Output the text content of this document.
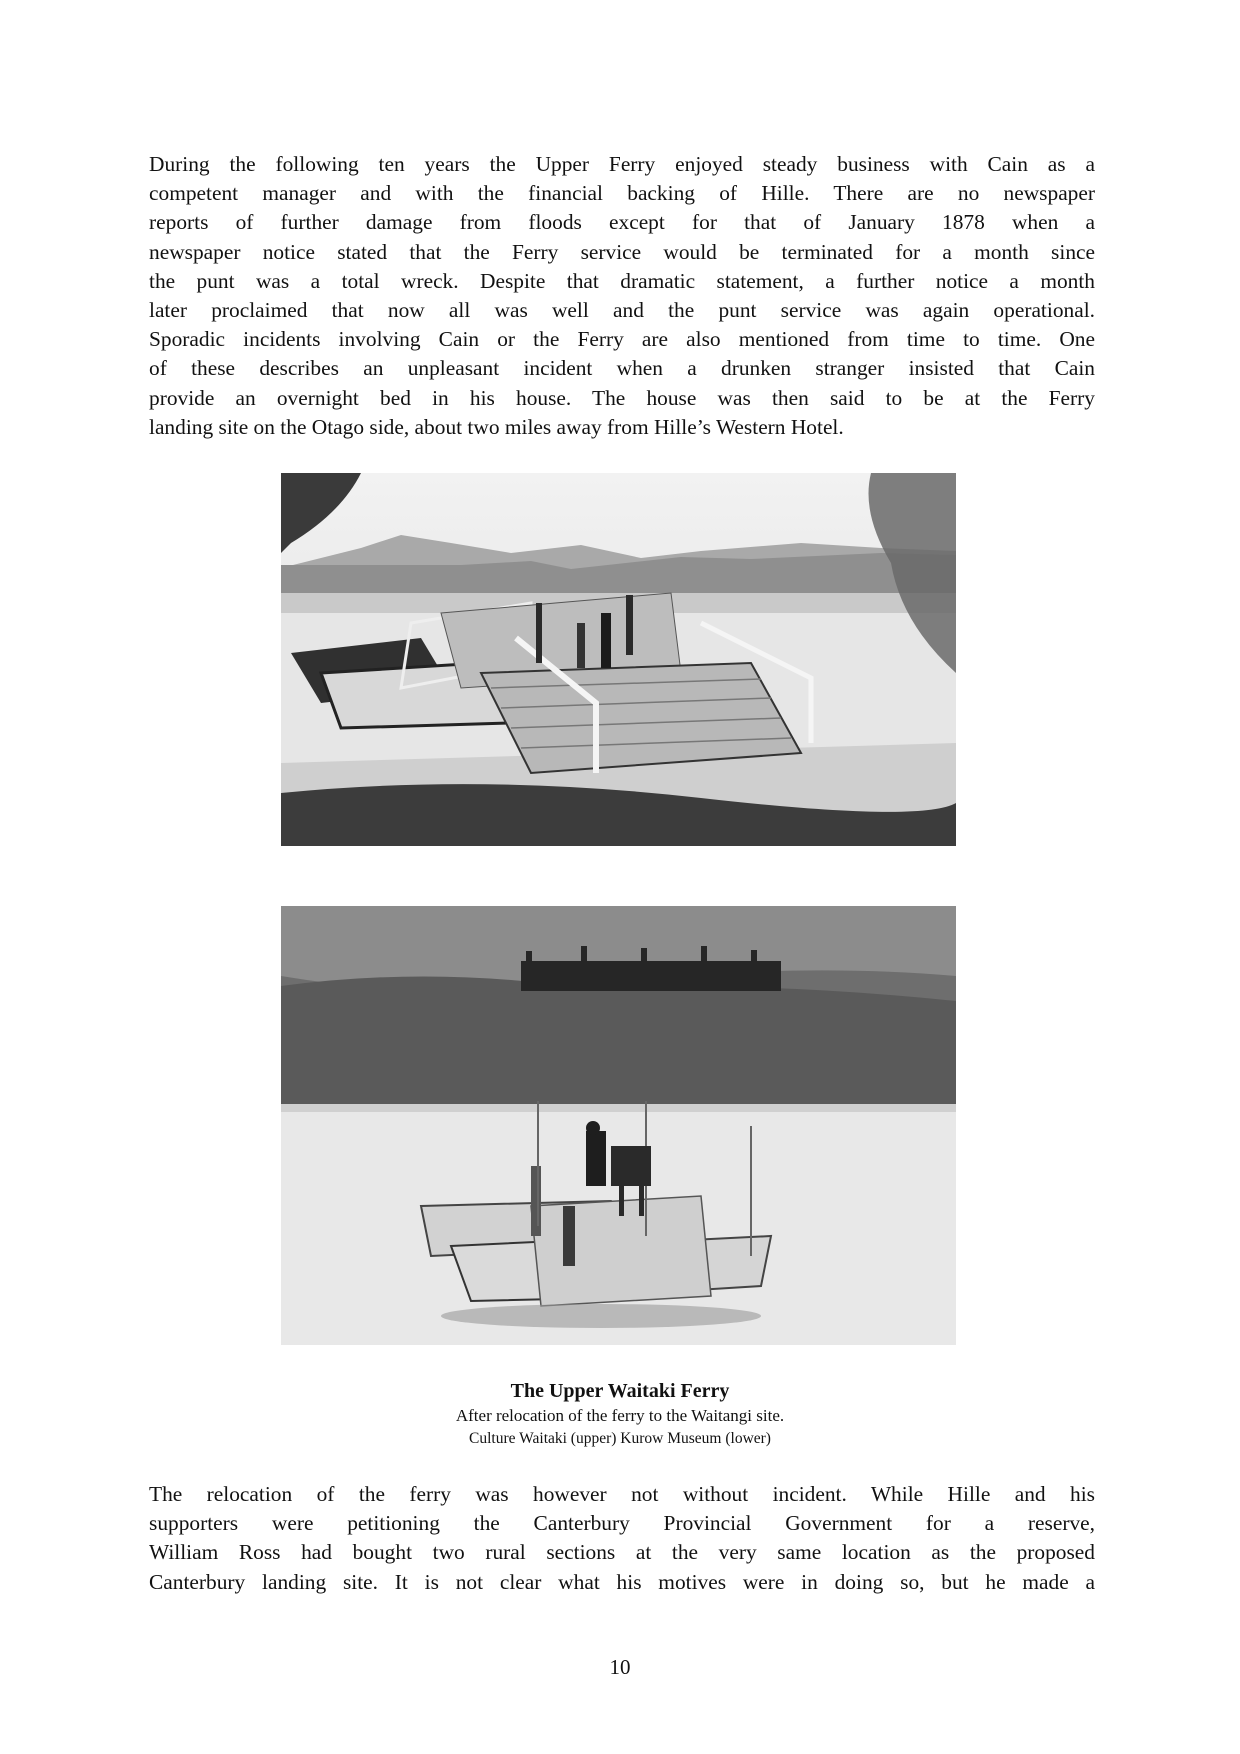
During the following ten years the Upper Ferry enjoyed steady business with Cain as a
competent manager and with the financial backing of Hille. There are no newspaper
reports of further damage from floods except for that of January 1878 when a
newspaper notice stated that the Ferry service would be terminated for a month since
the punt was a total wreck. Despite that dramatic statement, a further notice a month
later proclaimed that now all was well and the punt service was again operational.
Sporadic incidents involving Cain or the Ferry are also mentioned from time to time. One
of these describes an unpleasant incident when a drunken stranger insisted that Cain
provide an overnight bed in his house. The house was then said to be at the Ferry
landing site on the Otago side, about two miles away from Hille’s Western Hotel.
The Upper Waitaki Ferry
After relocation of the ferry to the Waitangi site.
Culture Waitaki (upper) Kurow Museum (lower)
The relocation of the ferry was however not without incident. While Hille and his
supporters were petitioning the Canterbury Provincial Government for a reserve,
William Ross had bought two rural sections at the very same location as the proposed
Canterbury landing site. It is not clear what his motives were in doing so, but he made a
10
